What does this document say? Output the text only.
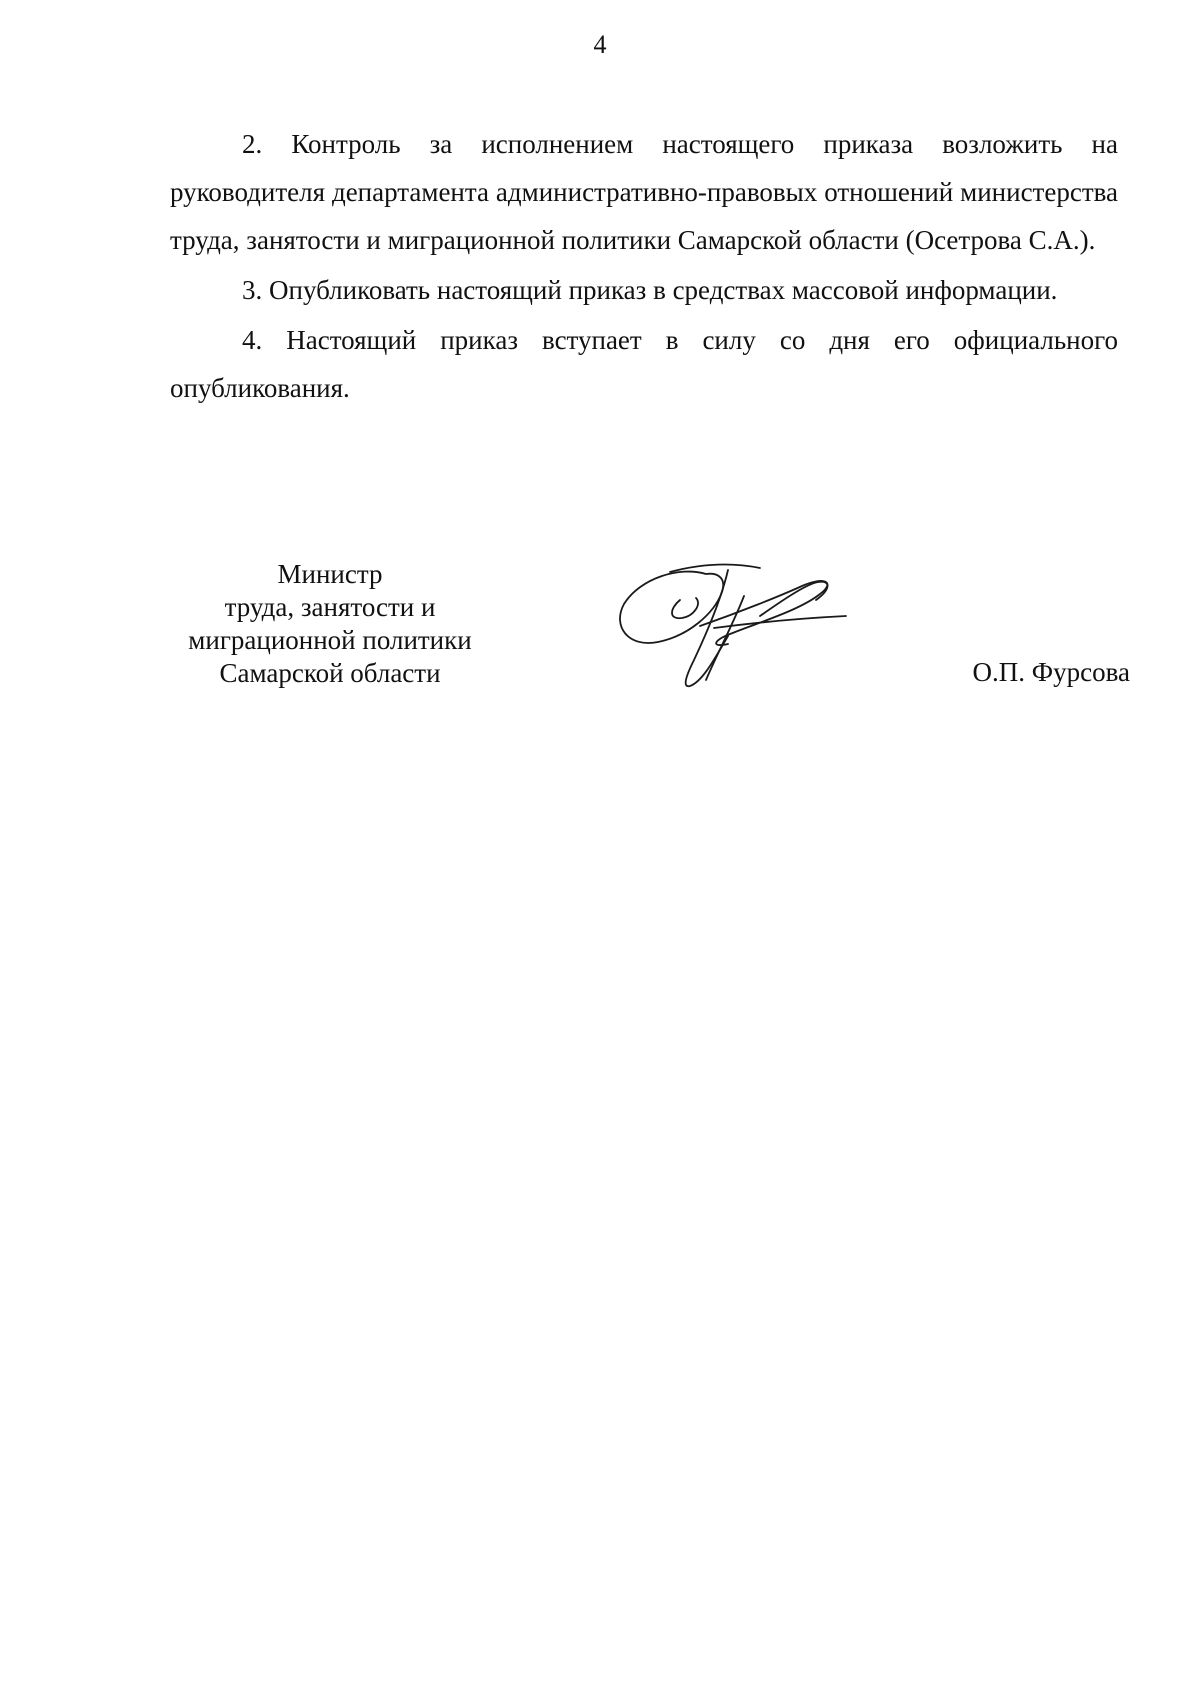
4

2. Контроль за исполнением настоящего приказа возложить на руководителя департамента административно-правовых отношений министерства труда, занятости и миграционной политики Самарской области (Осетрова С.А.).

3. Опубликовать настоящий приказ в средствах массовой информации.

4. Настоящий приказ вступает в силу со дня его официального опубликования.

Министр
труда, занятости и
миграционной политики
Самарской области	О.П. Фурсова
